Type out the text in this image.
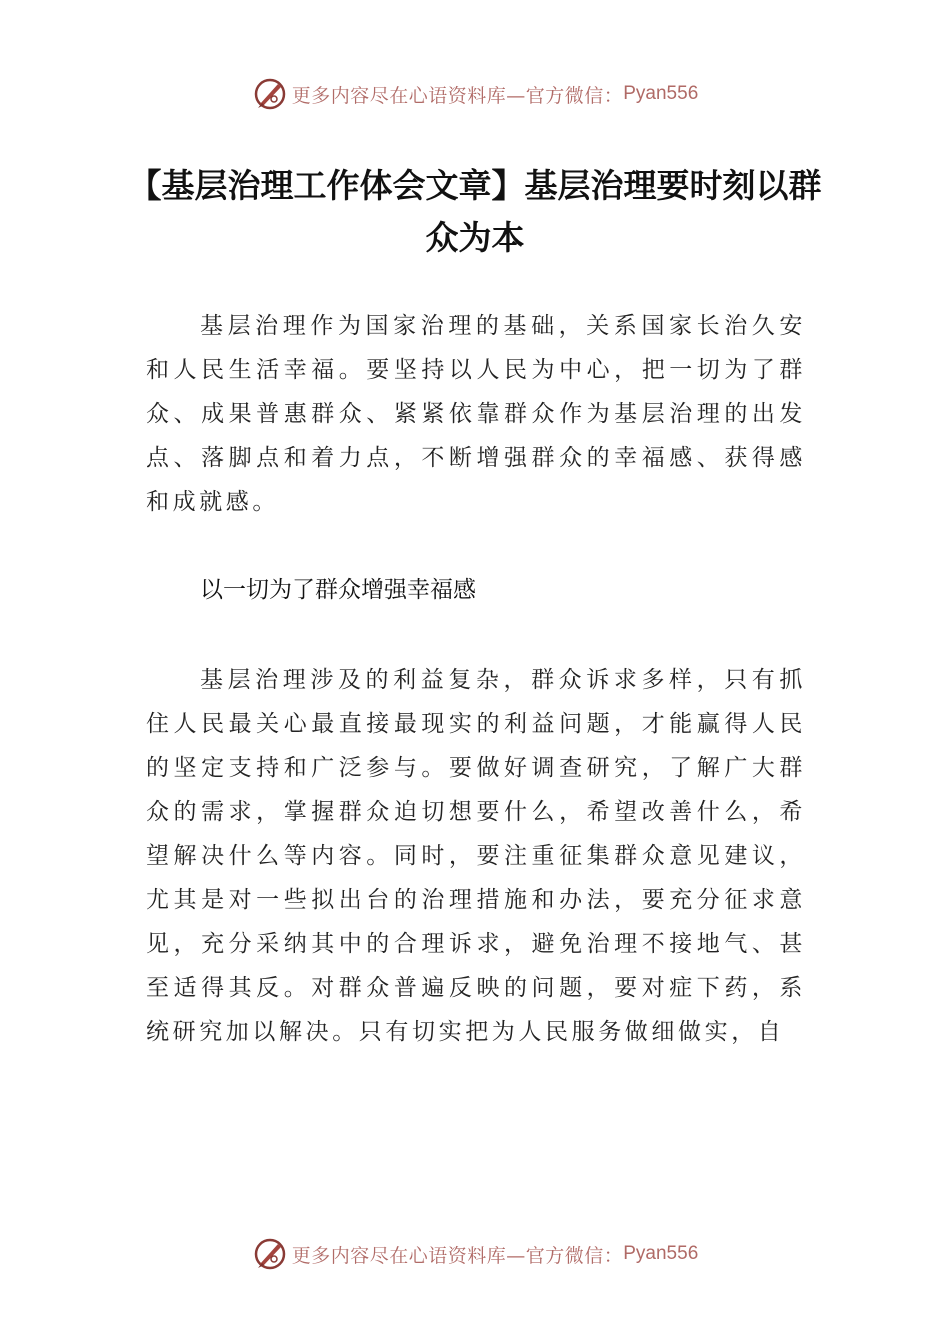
更多内容尽在心语资料库—官方微信： Pyan556
【基层治理工作体会文章】基层治理要时刻以群众为本

基层治理作为国家治理的基础，关系国家长治久安和人民生活幸福。要坚持以人民为中心，把一切为了群众、成果普惠群众、紧紧依靠群众作为基层治理的出发点、落脚点和着力点，不断增强群众的幸福感、获得感和成就感。

以一切为了群众增强幸福感

基层治理涉及的利益复杂，群众诉求多样，只有抓住人民最关心最直接最现实的利益问题，才能赢得人民的坚定支持和广泛参与。要做好调查研究，了解广大群众的需求，掌握群众迫切想要什么，希望改善什么，希望解决什么等内容。同时，要注重征集群众意见建议，尤其是对一些拟出台的治理措施和办法，要充分征求意见，充分采纳其中的合理诉求，避免治理不接地气、甚至适得其反。对群众普遍反映的问题，要对症下药，系统研究加以解决。只有切实把为人民服务做细做实，自

更多内容尽在心语资料库—官方微信： Pyan556
